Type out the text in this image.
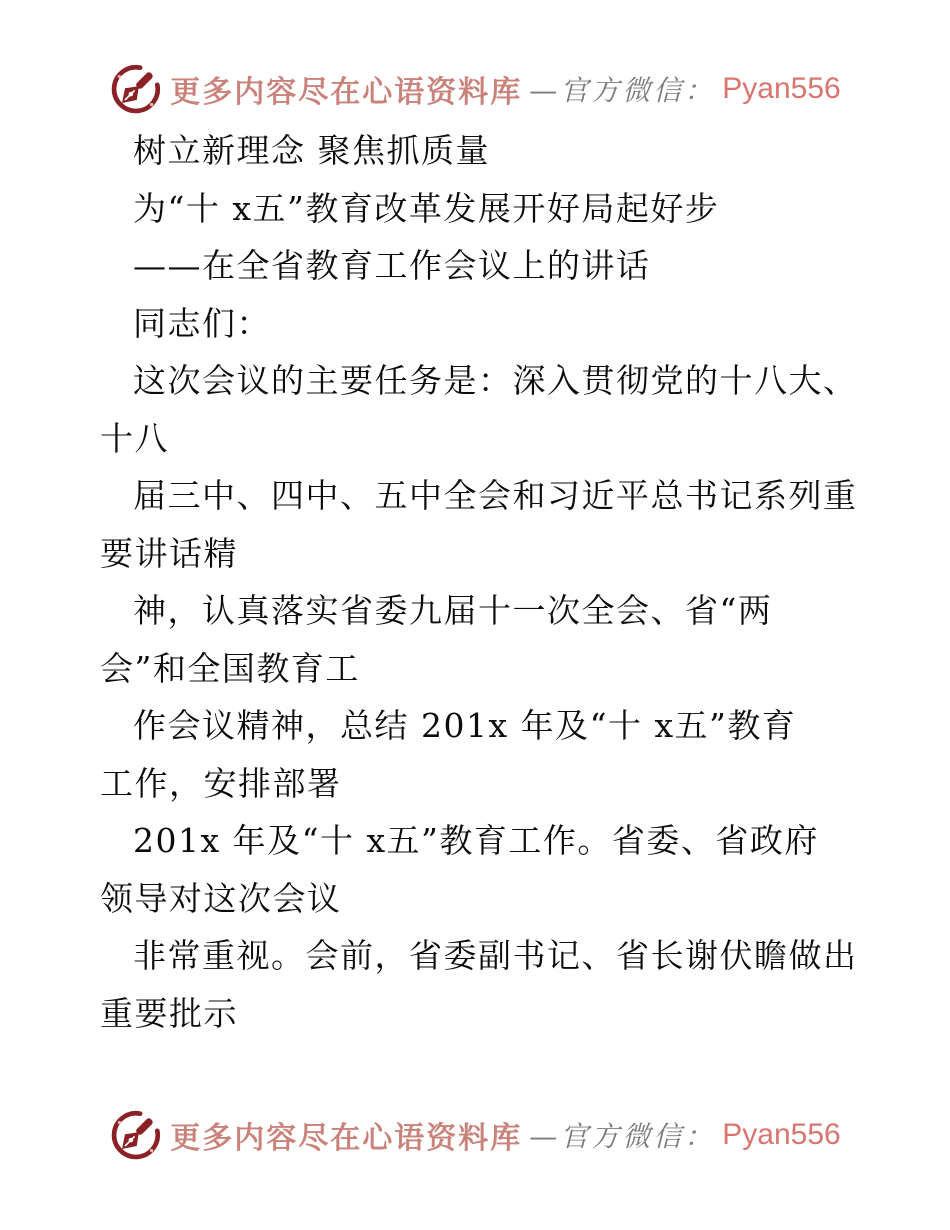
更多内容尽在心语资料库 —官方微信： Pyan556
树立新理念 聚焦抓质量
为“十 x五”教育改革发展开好局起好步
——在全省教育工作会议上的讲话
同志们：
这次会议的主要任务是：深入贯彻党的十八大、
十八
届三中、四中、五中全会和习近平总书记系列重
要讲话精
神，认真落实省委九届十一次全会、省“两
会”和全国教育工
作会议精神，总结 201x 年及“十 x五”教育
工作，安排部署
201x 年及“十 x五”教育工作。省委、省政府
领导对这次会议
非常重视。会前，省委副书记、省长谢伏瞻做出
重要批示
更多内容尽在心语资料库 —官方微信： Pyan556
